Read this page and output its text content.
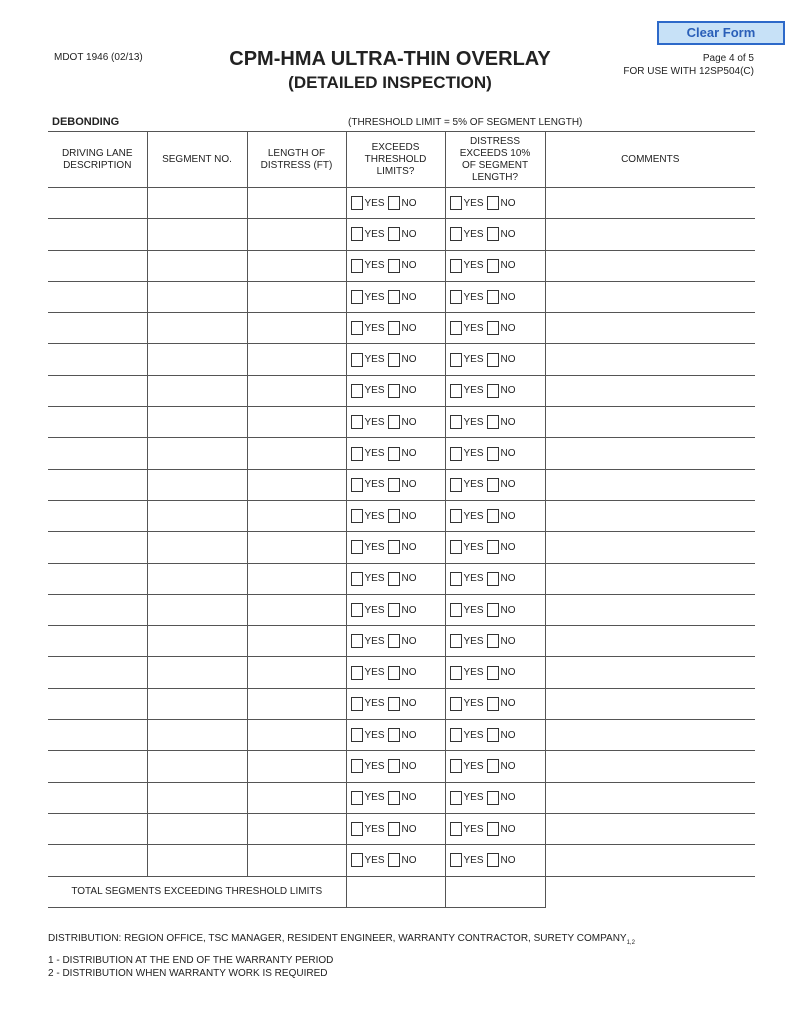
MDOT 1946 (02/13)	CPM-HMA ULTRA-THIN OVERLAY
(DETAILED INSPECTION)
Page 4 of 5
FOR USE WITH 12SP504(C)
Clear Form
DEBONDING	(THRESHOLD LIMIT = 5% OF SEGMENT LENGTH)
DRIVING LANE DESCRIPTION	SEGMENT NO.	LENGTH OF DISTRESS (FT)	EXCEEDS THRESHOLD LIMITS?	DISTRESS EXCEEDS 10% OF SEGMENT LENGTH?	COMMENTS

			YES NO	YES NO	
			YES NO	YES NO	
			YES NO	YES NO	
			YES NO	YES NO	
			YES NO	YES NO	
			YES NO	YES NO	
			YES NO	YES NO	
			YES NO	YES NO	
			YES NO	YES NO	
			YES NO	YES NO	
			YES NO	YES NO	
			YES NO	YES NO	
			YES NO	YES NO	
			YES NO	YES NO	
			YES NO	YES NO	
			YES NO	YES NO	
			YES NO	YES NO	
			YES NO	YES NO	
			YES NO	YES NO	
			YES NO	YES NO	
			YES NO	YES NO	
			YES NO	YES NO	
TOTAL SEGMENTS EXCEEDING THRESHOLD LIMITS					
DISTRIBUTION: REGION OFFICE, TSC MANAGER, RESIDENT ENGINEER, WARRANTY CONTRACTOR, SURETY $COMPANY_{1,2}$
1 - DISTRIBUTION AT THE END OF THE WARRANTY PERIOD
2 - DISTRIBUTION WHEN WARRANTY WORK IS REQUIRED
